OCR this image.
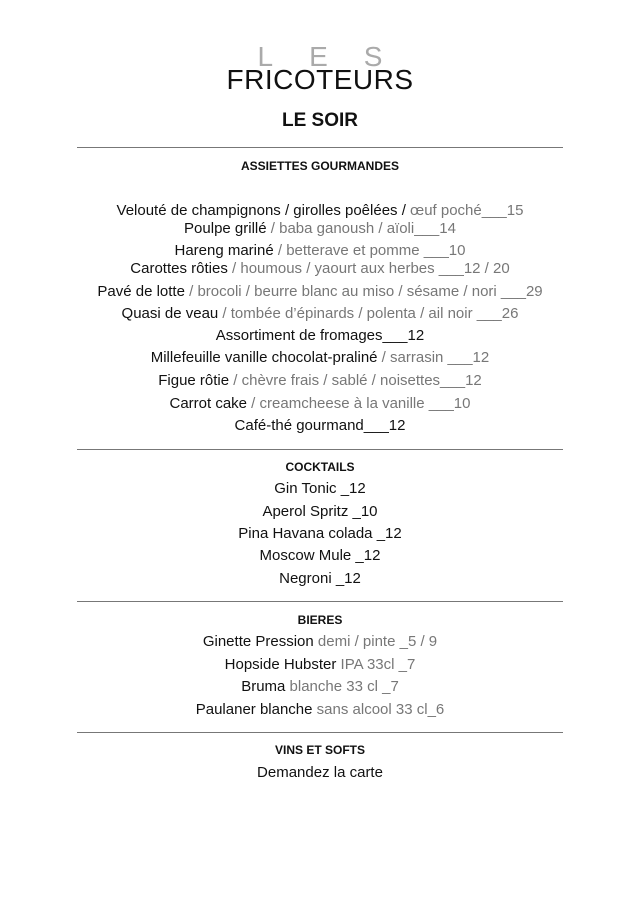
LES
FRICOTEURS
LE SOIR
ASSIETTES GOURMANDES
Velouté de champignons / girolles poêlées / œuf poché___15
Poulpe grillé / baba ganoush / aïoli___14
Hareng mariné / betterave et pomme ___10
Carottes rôties / houmous / yaourt aux herbes ___12 / 20
Pavé de lotte / brocoli / beurre blanc au miso / sésame / nori ___29
Quasi de veau / tombée d’épinards / polenta / ail noir ___26
Assortiment de fromages___12
Millefeuille vanille chocolat-praliné / sarrasin ___12
Figue rôtie / chèvre frais / sablé / noisettes___12
Carrot cake / creamcheese à la vanille ___10
Café-thé gourmand___12
COCKTAILS
Gin Tonic _12
Aperol Spritz _10
Pina Havana colada _12
Moscow Mule _12
Negroni _12
BIERES
Ginette Pression demi / pinte _5 / 9
Hopside Hubster IPA 33cl _7
Bruma blanche 33 cl _7
Paulaner blanche sans alcool 33 cl_6
VINS ET SOFTS
Demandez la carte
